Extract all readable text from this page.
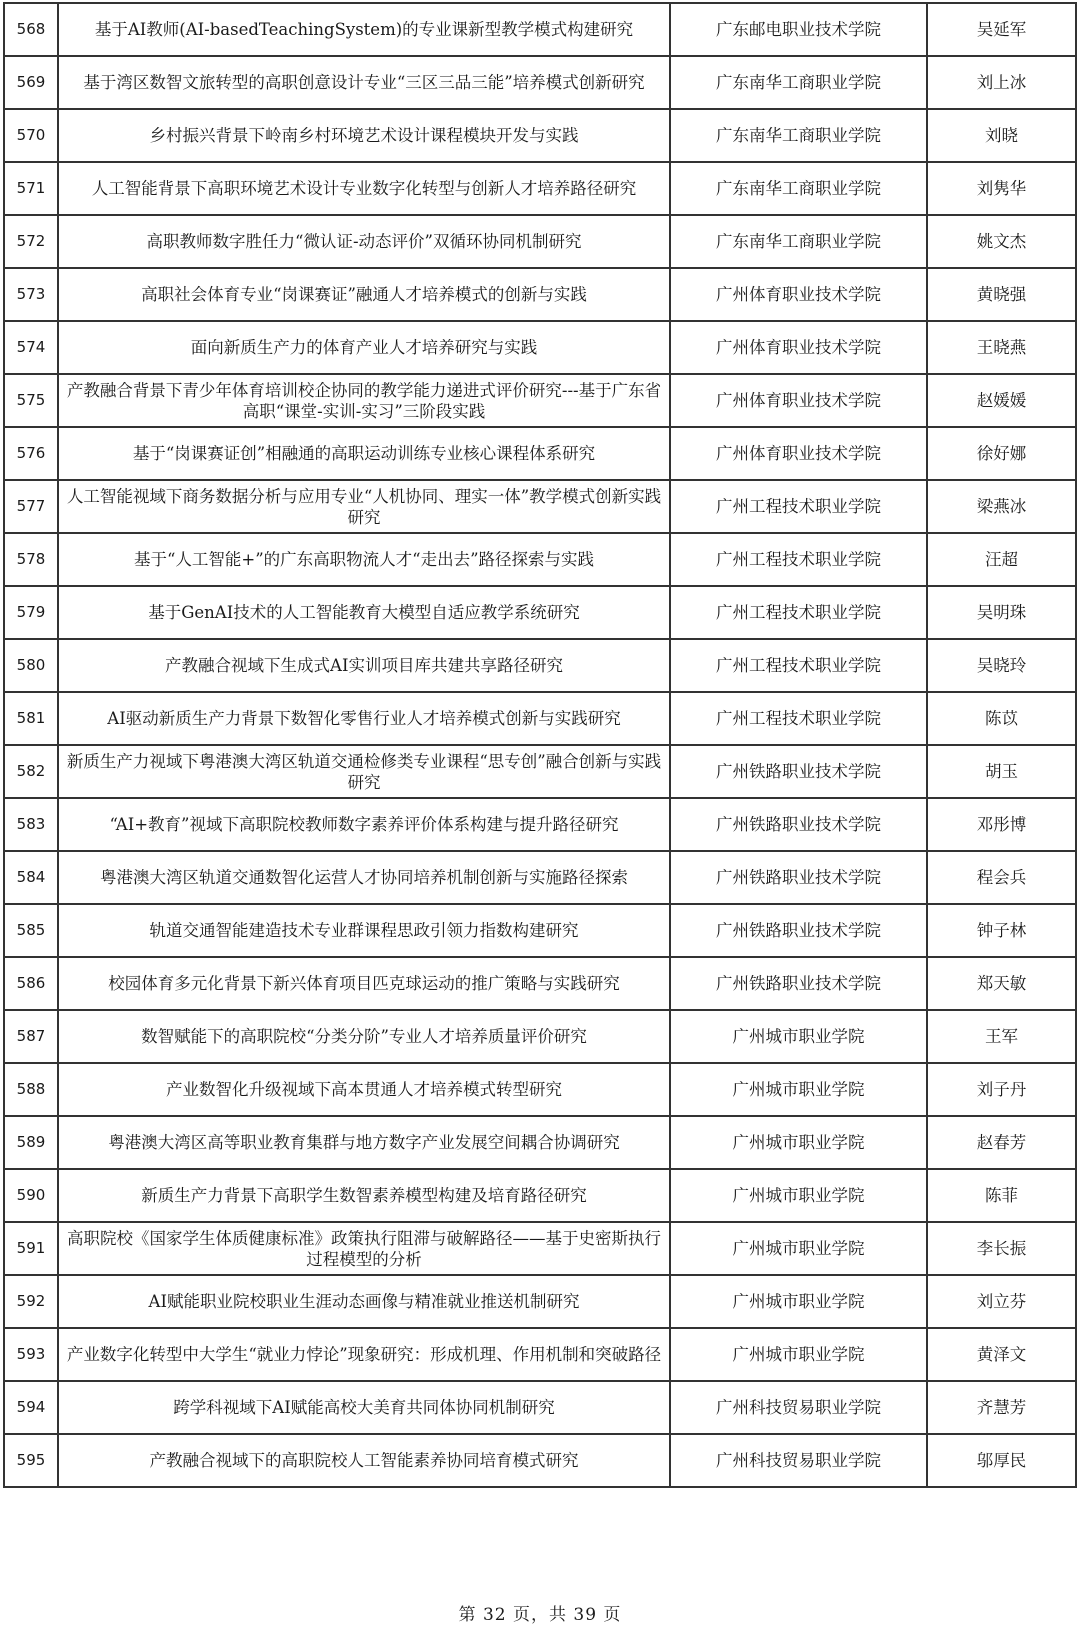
568	基于AI教师(AI-basedTeachingSystem)的专业课新型教学模式构建研究	广东邮电职业技术学院	吴延军
569	基于湾区数智文旅转型的高职创意设计专业“三区三品三能”培养模式创新研究	广东南华工商职业学院	刘上冰
570	乡村振兴背景下岭南乡村环境艺术设计课程模块开发与实践	广东南华工商职业学院	刘晓
571	人工智能背景下高职环境艺术设计专业数字化转型与创新人才培养路径研究	广东南华工商职业学院	刘隽华
572	高职教师数字胜任力“微认证-动态评价”双循环协同机制研究	广东南华工商职业学院	姚文杰
573	高职社会体育专业“岗课赛证”融通人才培养模式的创新与实践	广州体育职业技术学院	黄晓强
574	面向新质生产力的体育产业人才培养研究与实践	广州体育职业技术学院	王晓燕
575	产教融合背景下青少年体育培训校企协同的教学能力递进式评价研究---基于广东省高职“课堂-实训-实习”三阶段实践	广州体育职业技术学院	赵媛媛
576	基于“岗课赛证创”相融通的高职运动训练专业核心课程体系研究	广州体育职业技术学院	徐好娜
577	人工智能视域下商务数据分析与应用专业“人机协同、理实一体”教学模式创新实践研究	广州工程技术职业学院	梁燕冰
578	基于“人工智能+”的广东高职物流人才“走出去”路径探索与实践	广州工程技术职业学院	汪超
579	基于GenAI技术的人工智能教育大模型自适应教学系统研究	广州工程技术职业学院	吴明珠
580	产教融合视域下生成式AI实训项目库共建共享路径研究	广州工程技术职业学院	吴晓玲
581	AI驱动新质生产力背景下数智化零售行业人才培养模式创新与实践研究	广州工程技术职业学院	陈苡
582	新质生产力视域下粤港澳大湾区轨道交通检修类专业课程“思专创”融合创新与实践研究	广州铁路职业技术学院	胡玉
583	“AI+教育”视域下高职院校教师数字素养评价体系构建与提升路径研究	广州铁路职业技术学院	邓彤博
584	粤港澳大湾区轨道交通数智化运营人才协同培养机制创新与实施路径探索	广州铁路职业技术学院	程会兵
585	轨道交通智能建造技术专业群课程思政引领力指数构建研究	广州铁路职业技术学院	钟子林
586	校园体育多元化背景下新兴体育项目匹克球运动的推广策略与实践研究	广州铁路职业技术学院	郑天敏
587	数智赋能下的高职院校“分类分阶”专业人才培养质量评价研究	广州城市职业学院	王军
588	产业数智化升级视域下高本贯通人才培养模式转型研究	广州城市职业学院	刘子丹
589	粤港澳大湾区高等职业教育集群与地方数字产业发展空间耦合协调研究	广州城市职业学院	赵春芳
590	新质生产力背景下高职学生数智素养模型构建及培育路径研究	广州城市职业学院	陈菲
591	高职院校《国家学生体质健康标准》政策执行阻滞与破解路径——基于史密斯执行过程模型的分析	广州城市职业学院	李长振
592	AI赋能职业院校职业生涯动态画像与精准就业推送机制研究	广州城市职业学院	刘立芬
593	产业数字化转型中大学生“就业力悖论”现象研究：形成机理、作用机制和突破路径	广州城市职业学院	黄泽文
594	跨学科视域下AI赋能高校大美育共同体协同机制研究	广州科技贸易职业学院	齐慧芳
595	产教融合视域下的高职院校人工智能素养协同培育模式研究	广州科技贸易职业学院	邬厚民
第 32 页，共 39 页
